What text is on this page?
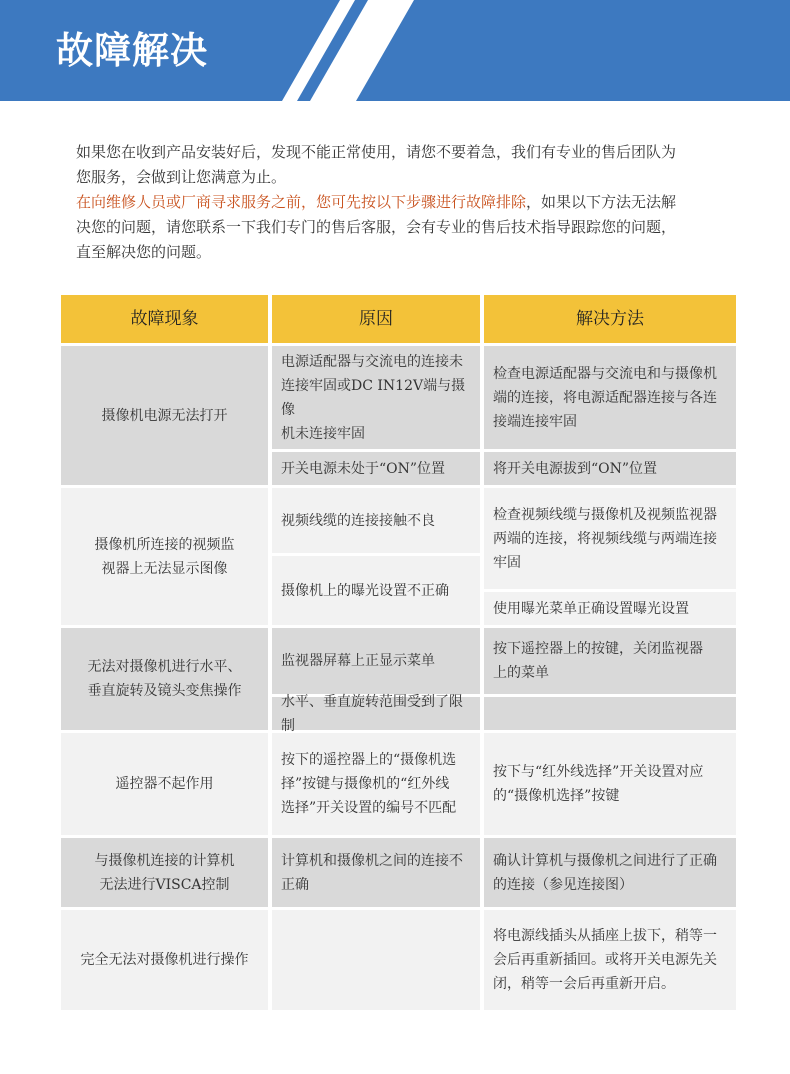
故障解决

如果您在收到产品安装好后，发现不能正常使用，请您不要着急，我们有专业的售后团队为

您服务，会做到让您满意为止。

在向维修人员或厂商寻求服务之前，您可先按以下步骤进行故障排除，如果以下方法无法解

决您的问题，请您联系一下我们专门的售后客服，会有专业的售后技术指导跟踪您的问题，

直至解决您的问题。

故障现象	原因	解决方法
摄像机电源无法打开
摄像机所连接的视频监
视器上无法显示图像
无法对摄像机进行水平、
垂直旋转及镜头变焦操作
遥控器不起作用
与摄像机连接的计算机
无法进行VISCA控制
完全无法对摄像机进行操作
电源适配器与交流电的连接未
连接牢固或DC IN12V端与摄像
机未连接牢固
开关电源未处于“ON”位置
视频线缆的连接接触不良
摄像机上的曝光设置不正确
监视器屏幕上正显示菜单
水平、垂直旋转范围受到了限制
按下的遥控器上的“摄像机选
择”按键与摄像机的“红外线
选择”开关设置的编号不匹配
计算机和摄像机之间的连接不
正确
检查电源适配器与交流电和与摄像机
端的连接，将电源适配器连接与各连
接端连接牢固
将开关电源拔到“ON”位置
检查视频线缆与摄像机及视频监视器
两端的连接，将视频线缆与两端连接
牢固
使用曝光菜单正确设置曝光设置
按下遥控器上的按键，关闭监视器
上的菜单
按下与“红外线选择”开关设置对应
的“摄像机选择”按键
确认计算机与摄像机之间进行了正确
的连接（参见连接图）
将电源线插头从插座上拔下，稍等一
会后再重新插回。或将开关电源先关
闭，稍等一会后再重新开启。
